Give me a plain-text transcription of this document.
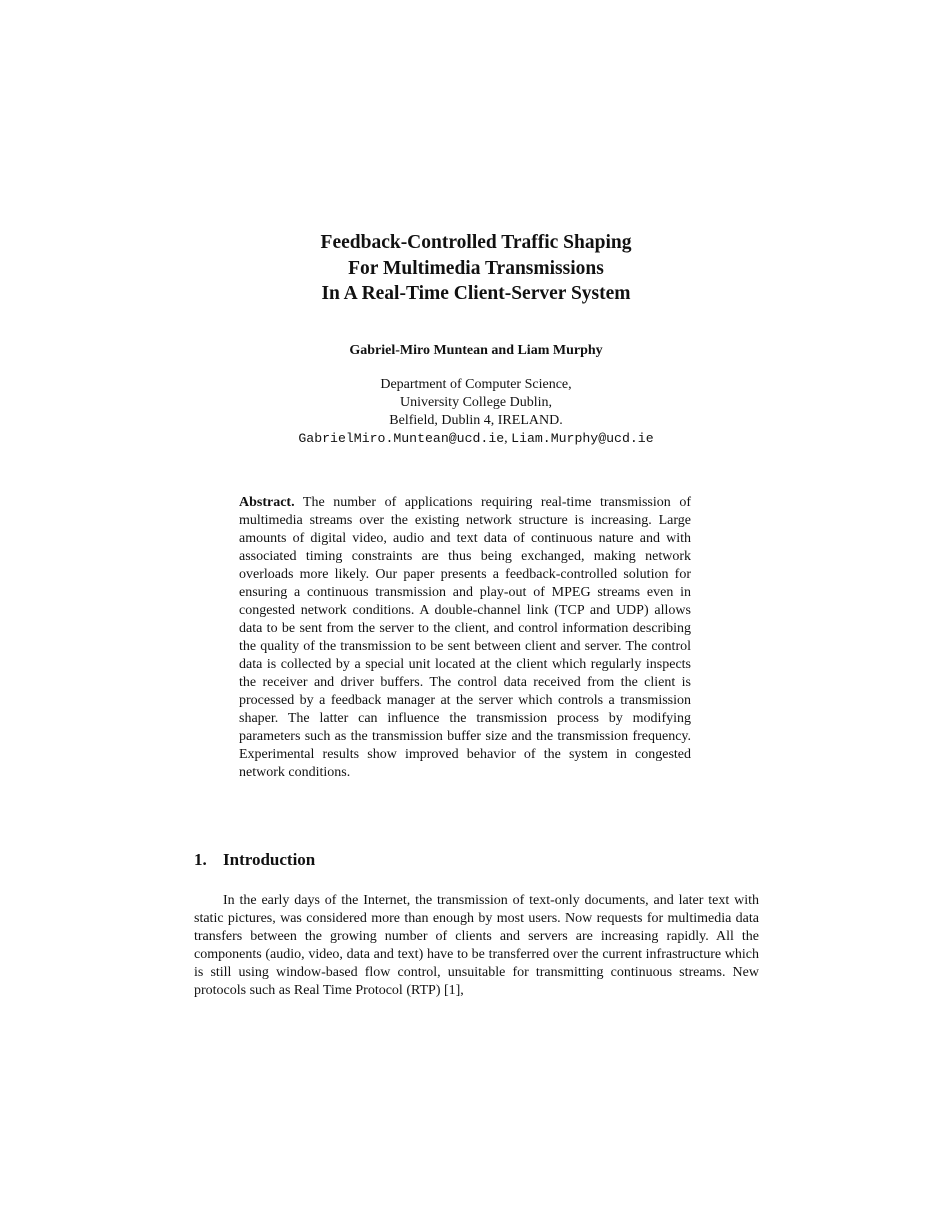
Feedback-Controlled Traffic Shaping
For Multimedia Transmissions
In A Real-Time Client-Server System
Gabriel-Miro Muntean and Liam Murphy
Department of Computer Science,
University College Dublin,
Belfield, Dublin 4, IRELAND.
GabrielMiro.Muntean@ucd.ie, Liam.Murphy@ucd.ie
Abstract. The number of applications requiring real-time transmission of multimedia streams over the existing network structure is increasing. Large amounts of digital video, audio and text data of continuous nature and with associated timing constraints are thus being exchanged, making network overloads more likely. Our paper presents a feedback-controlled solution for ensuring a continuous transmission and play-out of MPEG streams even in congested network conditions. A double-channel link (TCP and UDP) allows data to be sent from the server to the client, and control information describing the quality of the transmission to be sent between client and server. The control data is collected by a special unit located at the client which regularly inspects the receiver and driver buffers. The control data received from the client is processed by a feedback manager at the server which controls a transmission shaper. The latter can influence the transmission process by modifying parameters such as the transmission buffer size and the transmission frequency. Experimental results show improved behavior of the system in congested network conditions.
1. Introduction
In the early days of the Internet, the transmission of text-only documents, and later text with static pictures, was considered more than enough by most users. Now requests for multimedia data transfers between the growing number of clients and servers are increasing rapidly. All the components (audio, video, data and text) have to be transferred over the current infrastructure which is still using window-based flow control, unsuitable for transmitting continuous streams. New protocols such as Real Time Protocol (RTP) [1],
